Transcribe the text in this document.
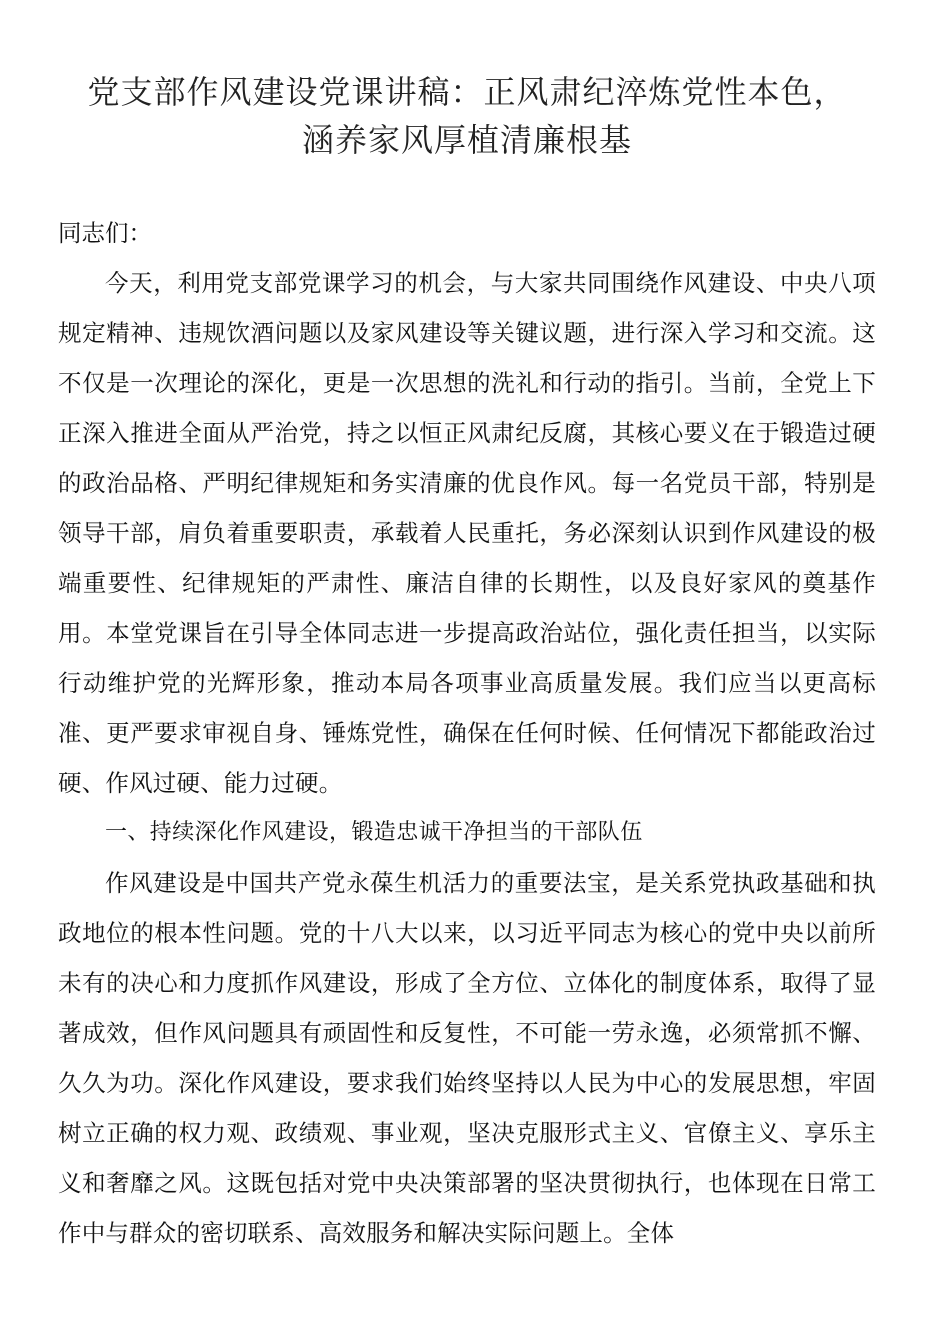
党支部作风建设党课讲稿：正风肃纪淬炼党性本色，
涵养家风厚植清廉根基

同志们：

今天，利用党支部党课学习的机会，与大家共同围绕作风建设、中央八项规定精神、违规饮酒问题以及家风建设等关键议题，进行深入学习和交流。这不仅是一次理论的深化，更是一次思想的洗礼和行动的指引。当前，全党上下正深入推进全面从严治党，持之以恒正风肃纪反腐，其核心要义在于锻造过硬的政治品格、严明纪律规矩和务实清廉的优良作风。每一名党员干部，特别是领导干部，肩负着重要职责，承载着人民重托，务必深刻认识到作风建设的极端重要性、纪律规矩的严肃性、廉洁自律的长期性，以及良好家风的奠基作用。本堂党课旨在引导全体同志进一步提高政治站位，强化责任担当，以实际行动维护党的光辉形象，推动本局各项事业高质量发展。我们应当以更高标准、更严要求审视自身、锤炼党性，确保在任何时候、任何情况下都能政治过硬、作风过硬、能力过硬。

一、持续深化作风建设，锻造忠诚干净担当的干部队伍

作风建设是中国共产党永葆生机活力的重要法宝，是关系党执政基础和执政地位的根本性问题。党的十八大以来，以习近平同志为核心的党中央以前所未有的决心和力度抓作风建设，形成了全方位、立体化的制度体系，取得了显著成效，但作风问题具有顽固性和反复性，不可能一劳永逸，必须常抓不懈、久久为功。深化作风建设，要求我们始终坚持以人民为中心的发展思想，牢固树立正确的权力观、政绩观、事业观，坚决克服形式主义、官僚主义、享乐主义和奢靡之风。这既包括对党中央决策部署的坚决贯彻执行，也体现在日常工作中与群众的密切联系、高效服务和解决实际问题上。全体
